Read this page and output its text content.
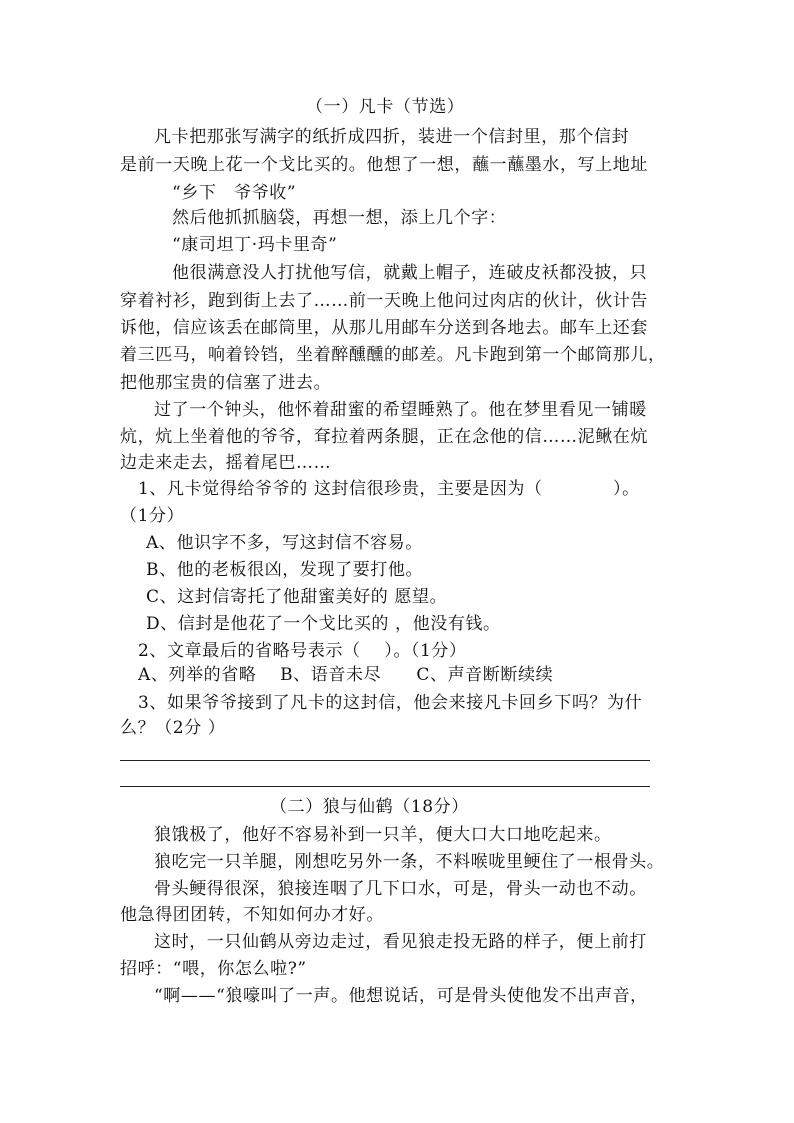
（一）凡卡（节选）
凡卡把那张写满字的纸折成四折，装进一个信封里，那个信封
是前一天晚上花一个戈比买的。他想了一想，蘸一蘸墨水，写上地址
“乡下　爷爷收”
然后他抓抓脑袋，再想一想，添上几个字：
“康司坦丁·玛卡里奇”
他很满意没人打扰他写信，就戴上帽子，连破皮袄都没披，只
穿着衬衫，跑到街上去了……前一天晚上他问过肉店的伙计，伙计告
诉他，信应该丢在邮筒里，从那儿用邮车分送到各地去。邮车上还套
着三匹马，响着铃铛，坐着醉醺醺的邮差。凡卡跑到第一个邮筒那儿，
把他那宝贵的信塞了进去。
过了一个钟头，他怀着甜蜜的希望睡熟了。他在梦里看见一铺暖
炕，炕上坐着他的爷爷，耷拉着两条腿，正在念他的信……泥鳅在炕
边走来走去，摇着尾巴……
1、凡卡觉得给爷爷的 这封信很珍贵，主要是因为（　　　　）。
（1分）
A、他识字不多，写这封信不容易。
B、他的老板很凶，发现了要打他。
C、这封信寄托了他甜蜜美好的 愿望。
D、信封是他花了一个戈比买的 ，他没有钱。
2、文章最后的省略号表示（　 ）。（1分）
A、列举的省略　 B、语音未尽　　C、声音断断续续
3、如果爷爷接到了凡卡的这封信，他会来接凡卡回乡下吗？为什
么？（2分 ）
（二）狼与仙鹤（18分）
狼饿极了，他好不容易补到一只羊，便大口大口地吃起来。
狼吃完一只羊腿，刚想吃另外一条，不料喉咙里鲠住了一根骨头。
骨头鲠得很深，狼接连咽了几下口水，可是，骨头一动也不动。
他急得团团转，不知如何办才好。
这时，一只仙鹤从旁边走过，看见狼走投无路的样子，便上前打
招呼：“喂，你怎么啦?”
“啊——“狼嚎叫了一声。他想说话，可是骨头使他发不出声音，
